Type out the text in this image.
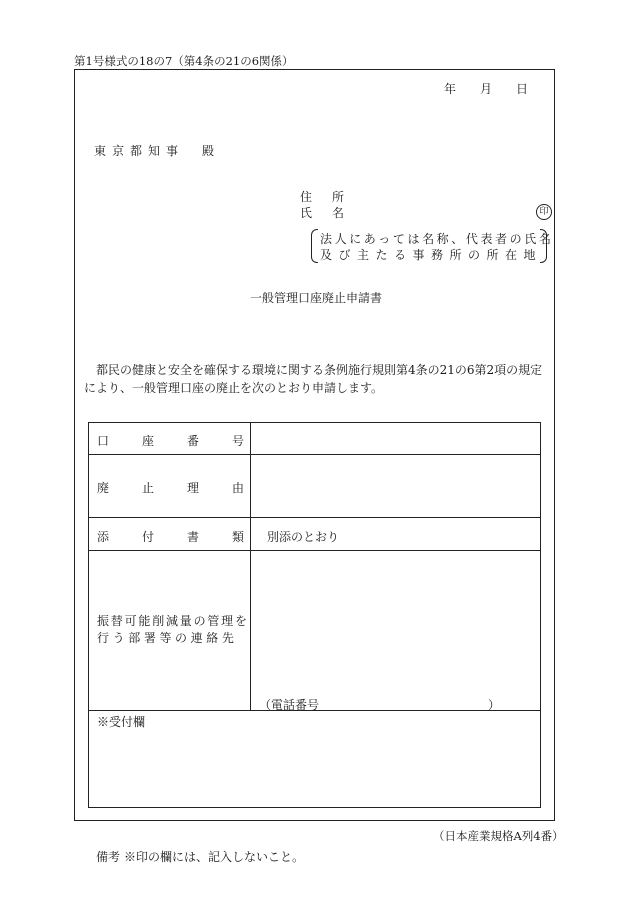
第1号様式の18の7（第4条の21の6関係）
年 月 日
東京都知事　殿
住所
氏名	印
法人にあっては名称、代表者の氏名
及び主たる事務所の所在地
一般管理口座廃止申請書
都民の健康と安全を確保する環境に関する条例施行規則第4条の21の6第2項の規定により、一般管理口座の廃止を次のとおり申請します。
口	座	番	号
廃	止	理	由
添	付	書	類 別添のとおり
振 替 可 能 削 減 量 の 管 理 を
行 う 部 署 等 の 連 絡 先
（電話番号	）
※受付欄
（日本産業規格A列4番）
備考 ※印の欄には、記入しないこと。
